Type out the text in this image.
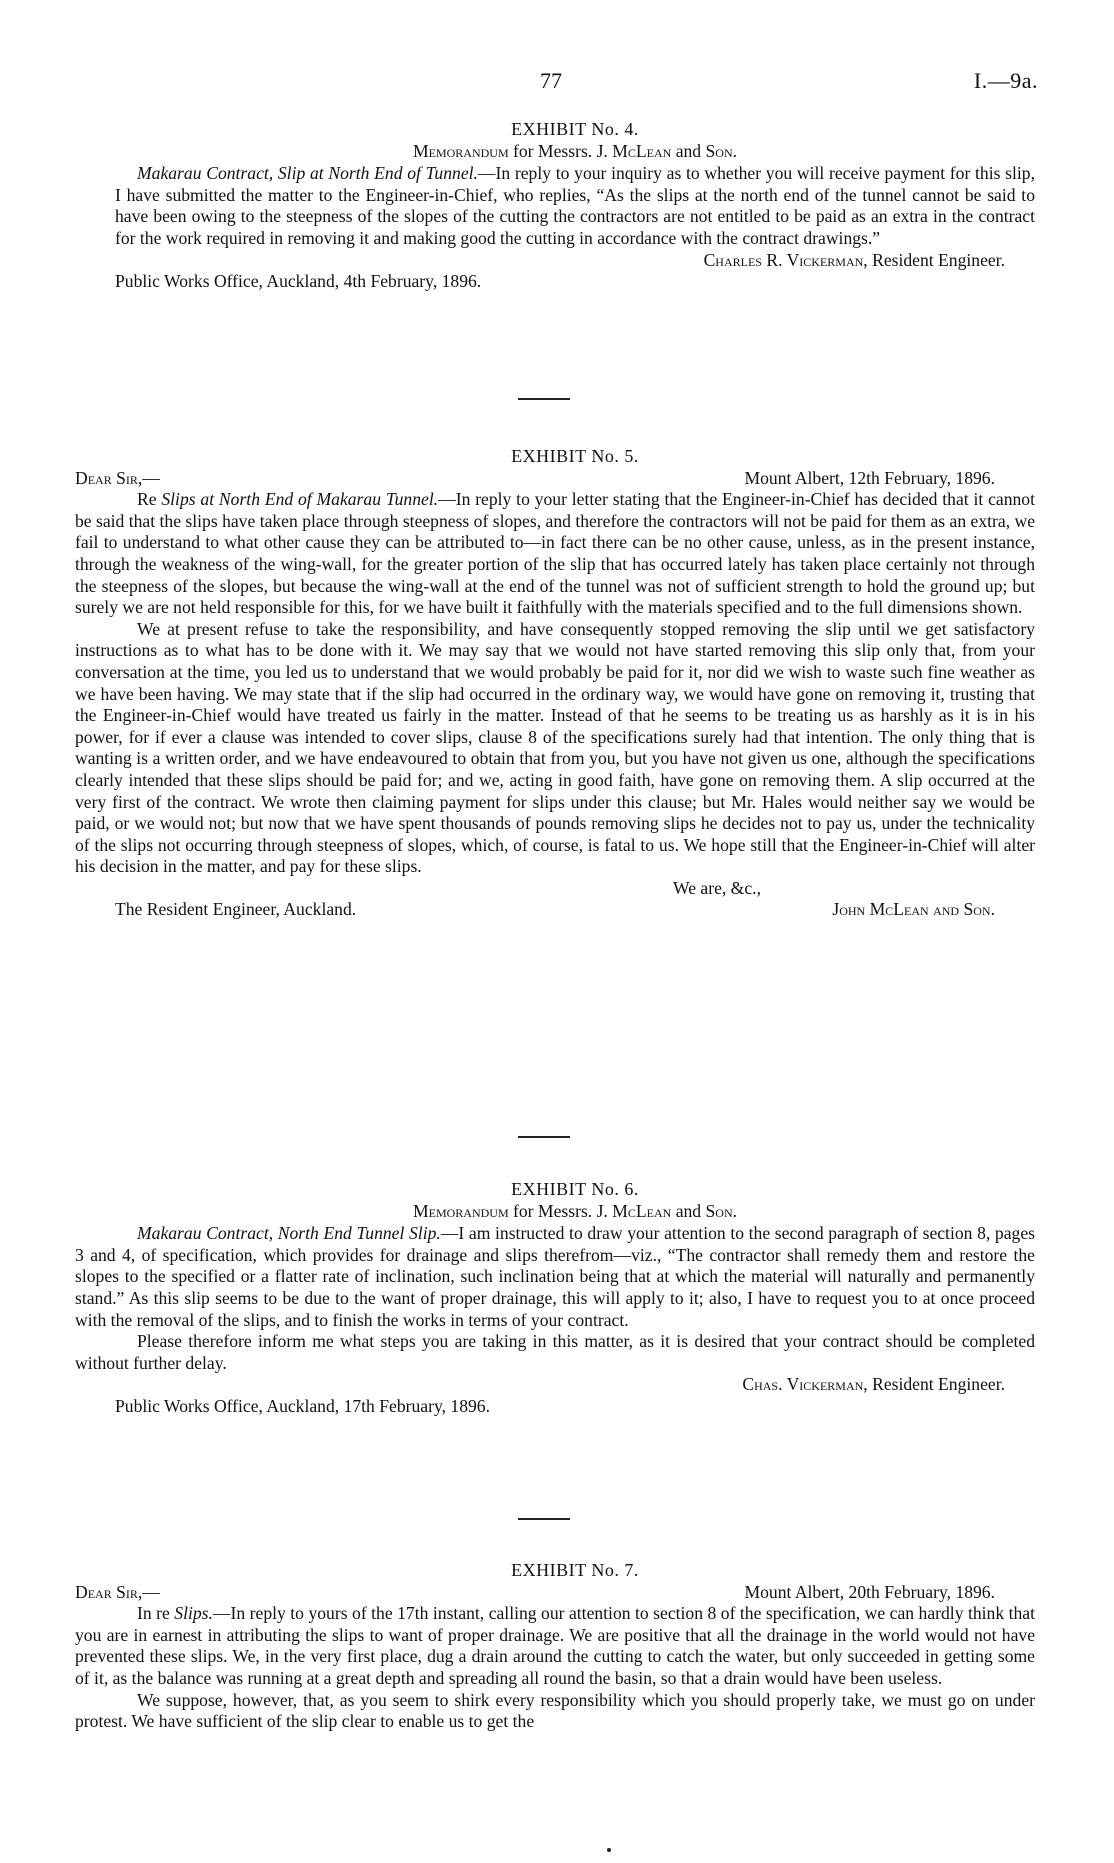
77	I.—9a.

EXHIBIT No. 4.

Memorandum for Messrs. J. McLean and Son.

Makarau Contract, Slip at North End of Tunnel.—In reply to your inquiry as to whether you will receive payment for this slip, I have submitted the matter to the Engineer-in-Chief, who replies, “As the slips at the north end of the tunnel cannot be said to have been owing to the steepness of the slopes of the cutting the contractors are not entitled to be paid as an extra in the contract for the work required in removing it and making good the cutting in accordance with the contract drawings.”

Charles R. Vickerman, Resident Engineer.

Public Works Office, Auckland, 4th February, 1896.

EXHIBIT No. 5.

Dear Sir,—	Mount Albert, 12th February, 1896.

Re Slips at North End of Makarau Tunnel.—In reply to your letter stating that the Engineer-in-Chief has decided that it cannot be said that the slips have taken place through steepness of slopes, and therefore the contractors will not be paid for them as an extra, we fail to understand to what other cause they can be attributed to—in fact there can be no other cause, unless, as in the present instance, through the weakness of the wing-wall, for the greater portion of the slip that has occurred lately has taken place certainly not through the steepness of the slopes, but because the wing-wall at the end of the tunnel was not of sufficient strength to hold the ground up; but surely we are not held responsible for this, for we have built it faithfully with the materials specified and to the full dimensions shown.

We at present refuse to take the responsibility, and have consequently stopped removing the slip until we get satisfactory instructions as to what has to be done with it. We may say that we would not have started removing this slip only that, from your conversation at the time, you led us to understand that we would probably be paid for it, nor did we wish to waste such fine weather as we have been having. We may state that if the slip had occurred in the ordinary way, we would have gone on removing it, trusting that the Engineer-in-Chief would have treated us fairly in the matter. Instead of that he seems to be treating us as harshly as it is in his power, for if ever a clause was intended to cover slips, clause 8 of the specifications surely had that intention. The only thing that is wanting is a written order, and we have endeavoured to obtain that from you, but you have not given us one, although the specifications clearly intended that these slips should be paid for; and we, acting in good faith, have gone on removing them. A slip occurred at the very first of the contract. We wrote then claiming payment for slips under this clause; but Mr. Hales would neither say we would be paid, or we would not; but now that we have spent thousands of pounds removing slips he decides not to pay us, under the technicality of the slips not occurring through steepness of slopes, which, of course, is fatal to us. We hope still that the Engineer-in-Chief will alter his decision in the matter, and pay for these slips.

We are, &c.,

The Resident Engineer, Auckland.	John McLean and Son.

EXHIBIT No. 6.

Memorandum for Messrs. J. McLean and Son.

Makarau Contract, North End Tunnel Slip.—I am instructed to draw your attention to the second paragraph of section 8, pages 3 and 4, of specification, which provides for drainage and slips therefrom—viz., “The contractor shall remedy them and restore the slopes to the specified or a flatter rate of inclination, such inclination being that at which the material will naturally and permanently stand.” As this slip seems to be due to the want of proper drainage, this will apply to it; also, I have to request you to at once proceed with the removal of the slips, and to finish the works in terms of your contract.

Please therefore inform me what steps you are taking in this matter, as it is desired that your contract should be completed without further delay.

Chas. Vickerman, Resident Engineer.

Public Works Office, Auckland, 17th February, 1896.

EXHIBIT No. 7.

Dear Sir,—	Mount Albert, 20th February, 1896.

In re Slips.—In reply to yours of the 17th instant, calling our attention to section 8 of the specification, we can hardly think that you are in earnest in attributing the slips to want of proper drainage. We are positive that all the drainage in the world would not have prevented these slips. We, in the very first place, dug a drain around the cutting to catch the water, but only succeeded in getting some of it, as the balance was running at a great depth and spreading all round the basin, so that a drain would have been useless.

We suppose, however, that, as you seem to shirk every responsibility which you should properly take, we must go on under protest. We have sufficient of the slip clear to enable us to get the
